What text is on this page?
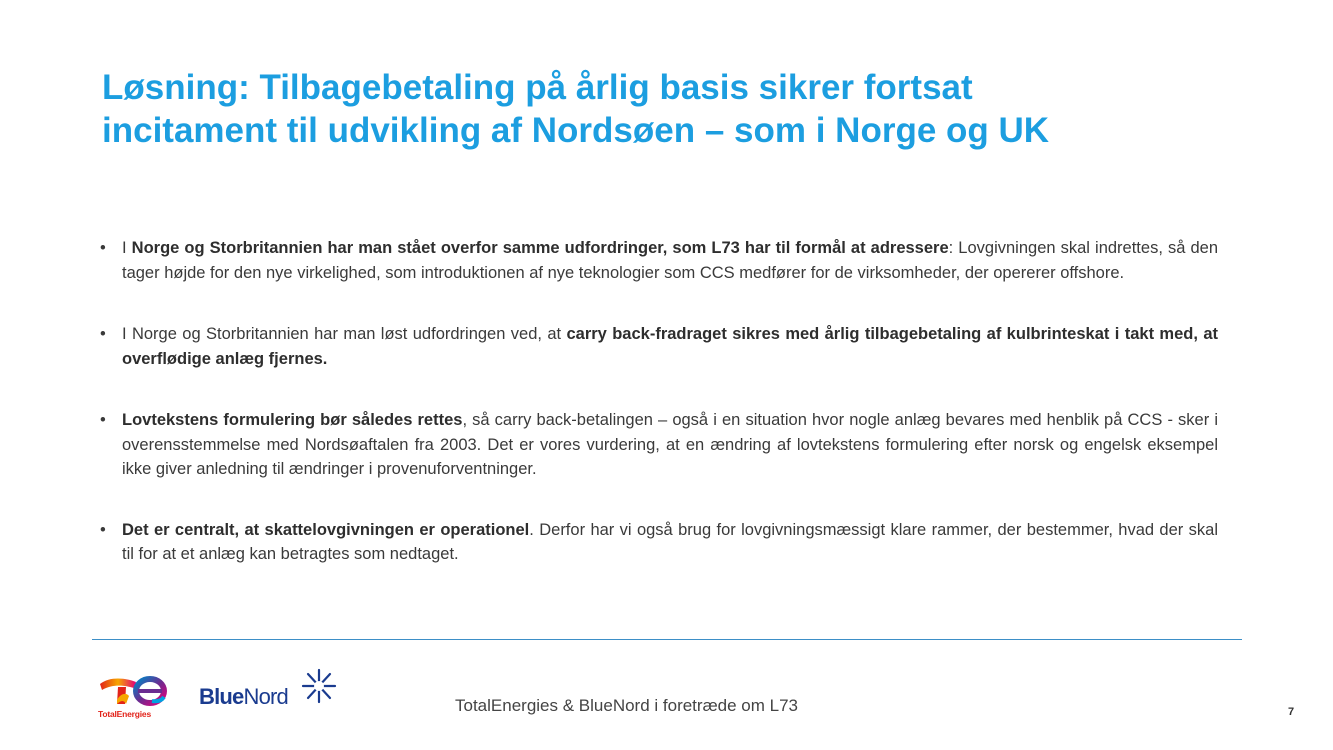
Løsning: Tilbagebetaling på årlig basis sikrer fortsat
incitament til udvikling af Nordsøen – som i Norge og UK
• I Norge og Storbritannien har man stået overfor samme udfordringer, som L73 har til formål at adressere: Lovgivningen skal indrettes, så den tager højde for den nye virkelighed, som introduktionen af nye teknologier som CCS medfører for de virksomheder, der opererer offshore.
• I Norge og Storbritannien har man løst udfordringen ved, at carry back-fradraget sikres med årlig tilbagebetaling af kulbrinteskat i takt med, at overflødige anlæg fjernes.
• Lovtekstens formulering bør således rettes, så carry back-betalingen – også i en situation hvor nogle anlæg bevares med henblik på CCS - sker i overensstemmelse med Nordsøaftalen fra 2003. Det er vores vurdering, at en ændring af lovtekstens formulering efter norsk og engelsk eksempel ikke giver anledning til ændringer i provenuforventninger.
• Det er centralt, at skattelovgivningen er operationel. Derfor har vi også brug for lovgivningsmæssigt klare rammer, der bestemmer, hvad der skal til for at et anlæg kan betragtes som nedtaget.
TotalEnergies
BlueNord	TotalEnergies & BlueNord i foretræde om L73	7
